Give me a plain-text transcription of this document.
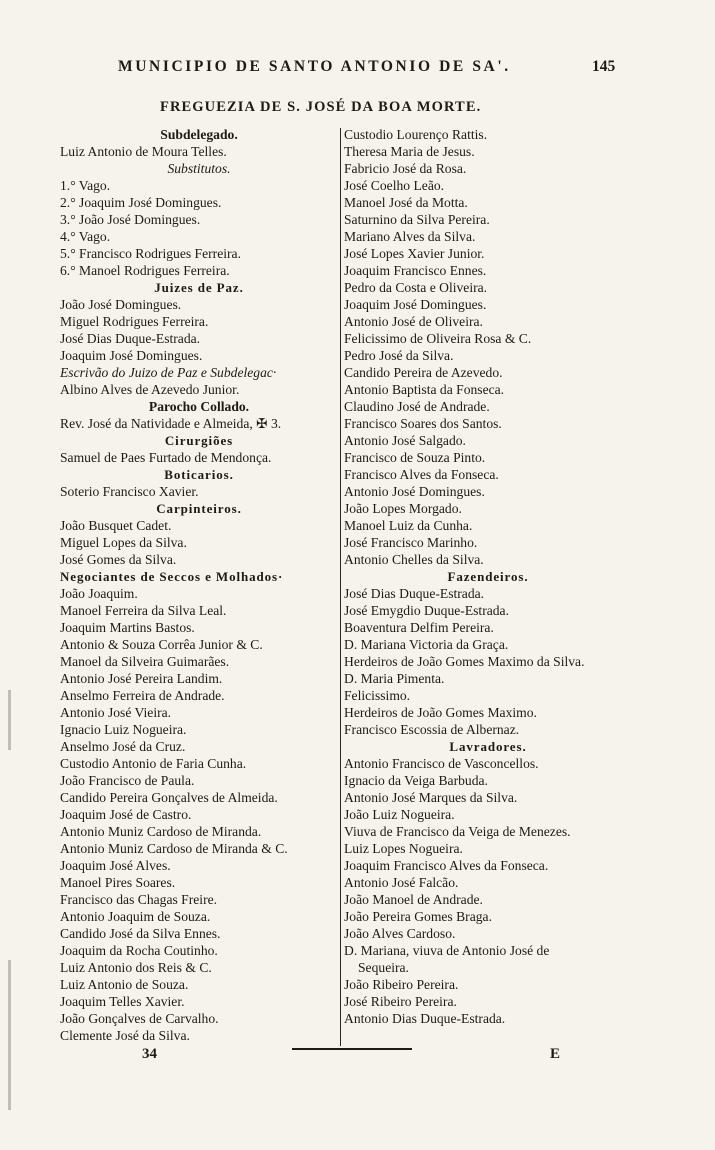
MUNICIPIO DE SANTO ANTONIO DE SA'.	145
FREGUEZIA DE S. JOSÉ DA BOA MORTE.
Subdelegado.
Luiz Antonio de Moura Telles.
Substitutos.
1.° Vago.
2.° Joaquim José Domingues.
3.° João José Domingues.
4.° Vago.
5.° Francisco Rodrigues Ferreira.
6.° Manoel Rodrigues Ferreira.
Juizes de Paz.
João José Domingues.
Miguel Rodrigues Ferreira.
José Dias Duque-Estrada.
Joaquim José Domingues.
Escrivão do Juizo de Paz e Subdelegac·
Albino Alves de Azevedo Junior.
Parocho Collado.
Rev. José da Natividade e Almeida, ✠ 3.
Cirurgiões
Samuel de Paes Furtado de Mendonça.
Boticarios.
Soterio Francisco Xavier.
Carpinteiros.
João Busquet Cadet.
Miguel Lopes da Silva.
José Gomes da Silva.
Negociantes de Seccos e Molhados·
João Joaquim.
Manoel Ferreira da Silva Leal.
Joaquim Martins Bastos.
Antonio & Souza Corrêa Junior & C.
Manoel da Silveira Guimarães.
Antonio José Pereira Landim.
Anselmo Ferreira de Andrade.
Antonio José Vieira.
Ignacio Luiz Nogueira.
Anselmo José da Cruz.
Custodio Antonio de Faria Cunha.
João Francisco de Paula.
Candido Pereira Gonçalves de Almeida.
Joaquim José de Castro.
Antonio Muniz Cardoso de Miranda.
Antonio Muniz Cardoso de Miranda & C.
Joaquim José Alves.
Manoel Pires Soares.
Francisco das Chagas Freire.
Antonio Joaquim de Souza.
Candido José da Silva Ennes.
Joaquim da Rocha Coutinho.
Luiz Antonio dos Reis & C.
Luiz Antonio de Souza.
Joaquim Telles Xavier.
João Gonçalves de Carvalho.
Clemente José da Silva.
Custodio Lourenço Rattis.
Theresa Maria de Jesus.
Fabricio José da Rosa.
José Coelho Leão.
Manoel José da Motta.
Saturnino da Silva Pereira.
Mariano Alves da Silva.
José Lopes Xavier Junior.
Joaquim Francisco Ennes.
Pedro da Costa e Oliveira.
Joaquim José Domingues.
Antonio José de Oliveira.
Felicissimo de Oliveira Rosa & C.
Pedro José da Silva.
Candido Pereira de Azevedo.
Antonio Baptista da Fonseca.
Claudino José de Andrade.
Francisco Soares dos Santos.
Antonio José Salgado.
Francisco de Souza Pinto.
Francisco Alves da Fonseca.
Antonio José Domingues.
João Lopes Morgado.
Manoel Luiz da Cunha.
José Francisco Marinho.
Antonio Chelles da Silva.
Fazendeiros.
José Dias Duque-Estrada.
José Emygdio Duque-Estrada.
Boaventura Delfim Pereira.
D. Mariana Victoria da Graça.
Herdeiros de João Gomes Maximo da Silva.
D. Maria Pimenta.
Felicissimo.
Herdeiros de João Gomes Maximo.
Francisco Escossia de Albernaz.
Lavradores.
Antonio Francisco de Vasconcellos.
Ignacio da Veiga Barbuda.
Antonio José Marques da Silva.
João Luiz Nogueira.
Viuva de Francisco da Veiga de Menezes.
Luiz Lopes Nogueira.
Joaquim Francisco Alves da Fonseca.
Antonio José Falcão.
João Manoel de Andrade.
João Pereira Gomes Braga.
João Alves Cardoso.
D. Mariana, viuva de Antonio José de
Sequeira.
João Ribeiro Pereira.
José Ribeiro Pereira.
Antonio Dias Duque-Estrada.
34	E
